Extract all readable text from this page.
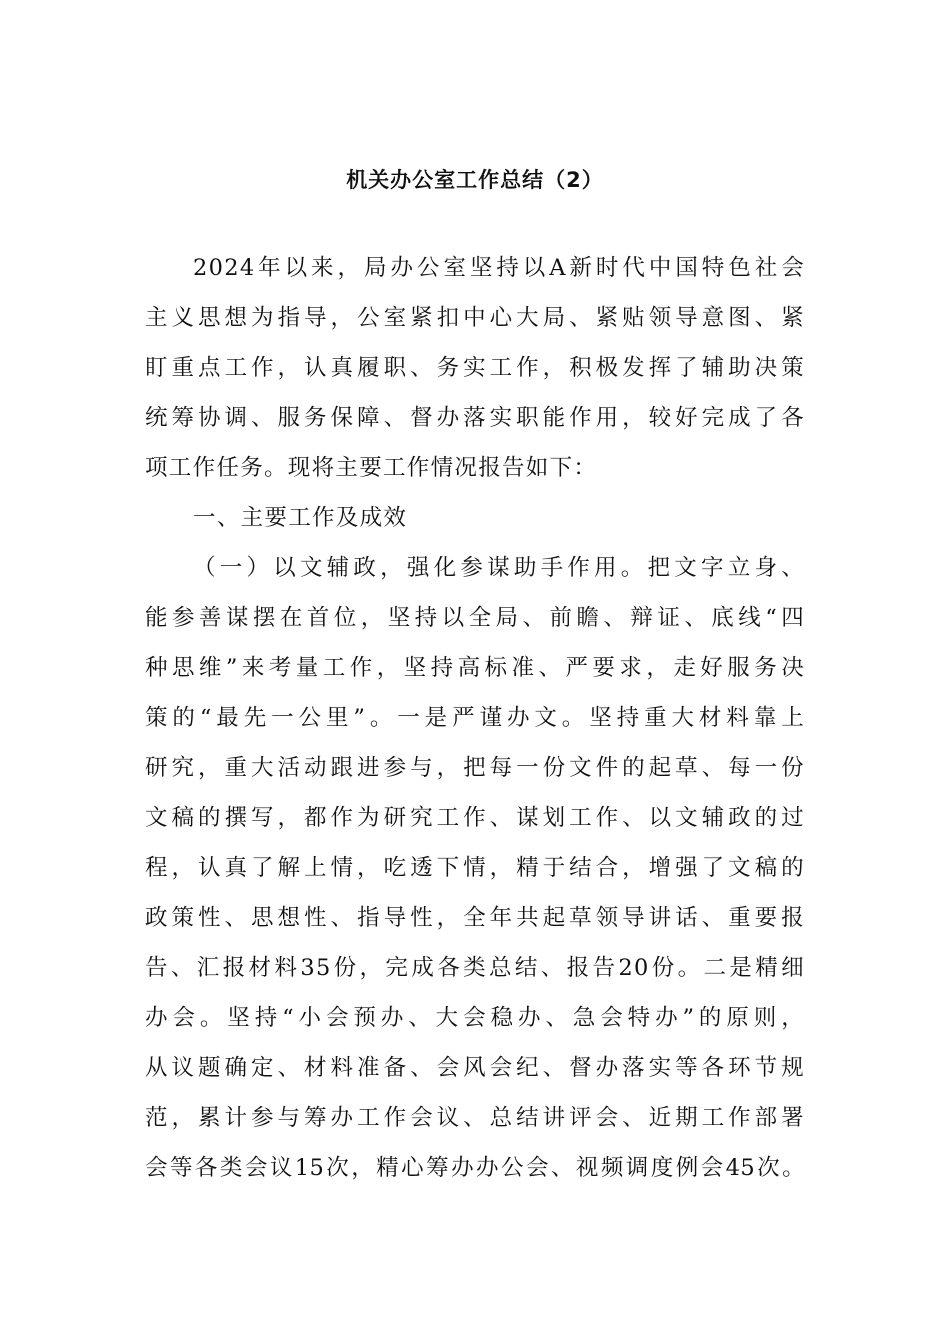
机关办公室工作总结（2）
2024年以来，局办公室坚持以A新时代中国特色社会
主义思想为指导，公室紧扣中心大局、紧贴领导意图、紧
盯重点工作，认真履职、务实工作，积极发挥了辅助决策
统筹协调、服务保障、督办落实职能作用，较好完成了各
项工作任务。现将主要工作情况报告如下：
一、主要工作及成效
（一）以文辅政，强化参谋助手作用。把文字立身、
能参善谋摆在首位，坚持以全局、前瞻、辩证、底线“四
种思维”来考量工作，坚持高标准、严要求，走好服务决
策的“最先一公里”。一是严谨办文。坚持重大材料靠上
研究，重大活动跟进参与，把每一份文件的起草、每一份
文稿的撰写，都作为研究工作、谋划工作、以文辅政的过
程，认真了解上情，吃透下情，精于结合，增强了文稿的
政策性、思想性、指导性，全年共起草领导讲话、重要报
告、汇报材料35份，完成各类总结、报告20份。二是精细
办会。坚持“小会预办、大会稳办、急会特办”的原则，
从议题确定、材料准备、会风会纪、督办落实等各环节规
范，累计参与筹办工作会议、总结讲评会、近期工作部署
会等各类会议15次，精心筹办办公会、视频调度例会45次。
